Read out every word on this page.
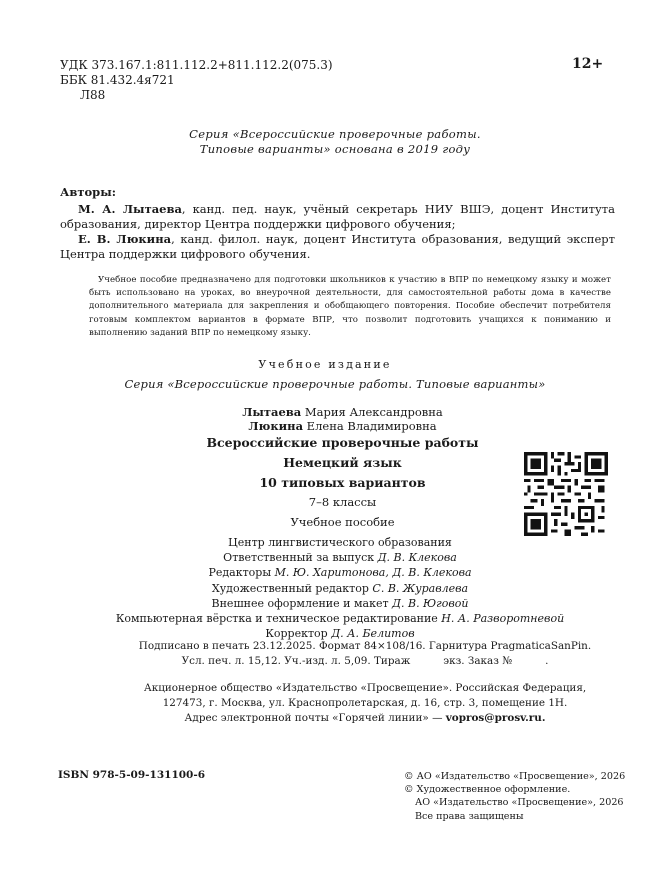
УДК 373.167.1:811.112.2+811.112.2(075.3)
ББК 81.432.4я721
Л88
12+
Серия «Всероссийские проверочные работы.
Типовые варианты» основана в 2019 году
Авторы:

М. А. Лытаева, канд. пед. наук, учёный секретарь НИУ ВШЭ, доцент Института образования, директор Центра поддержки цифрового обучения;

Е. В. Люкина, канд. филол. наук, доцент Института образования, ведущий эксперт Центра поддержки цифрового обучения.

Учебное пособие предназначено для подготовки школьников к участию в ВПР по немецкому языку и может быть использовано на уроках, во внеурочной деятельности, для самостоятельной работы дома в качестве дополнительного материала для закрепления и обобщающего повторения. Пособие обеспечит потребителя готовым комплектом вариантов в формате ВПР, что позволит подготовить учащихся к пониманию и выполнению заданий ВПР по немецкому языку.

Учебное издание
Серия «Всероссийские проверочные работы. Типовые варианты»
Лытаева Мария Александровна
Люкина Елена Владимировна
Всероссийские проверочные работы
Немецкий язык
10 типовых вариантов
7–8 классы
Учебное пособие
Центр лингвистического образования
Ответственный за выпуск Д. В. Клекова
Редакторы М. Ю. Харитонова, Д. В. Клекова
Художественный редактор С. В. Журавлева
Внешнее оформление и макет Д. В. Юговой
Компьютерная вёрстка и техническое редактирование Н. А. Разворотневой
Корректор Д. А. Белитов
Подписано в печать 23.12.2025. Формат 84×108/16. Гарнитура PragmaticaSanPin.
Усл. печ. л. 15,12. Уч.-изд. л. 5,09. Тираж          экз. Заказ №          .
Акционерное общество «Издательство «Просвещение». Российская Федерация,
127473, г. Москва, ул. Краснопролетарская, д. 16, стр. 3, помещение 1Н.
Адрес электронной почты «Горячей линии» — vopros@prosv.ru.
ISBN 978-5-09-131100-6	© АО «Издательство «Просвещение», 2026
© Художественное оформление.
АО «Издательство «Просвещение», 2026
Все права защищены
